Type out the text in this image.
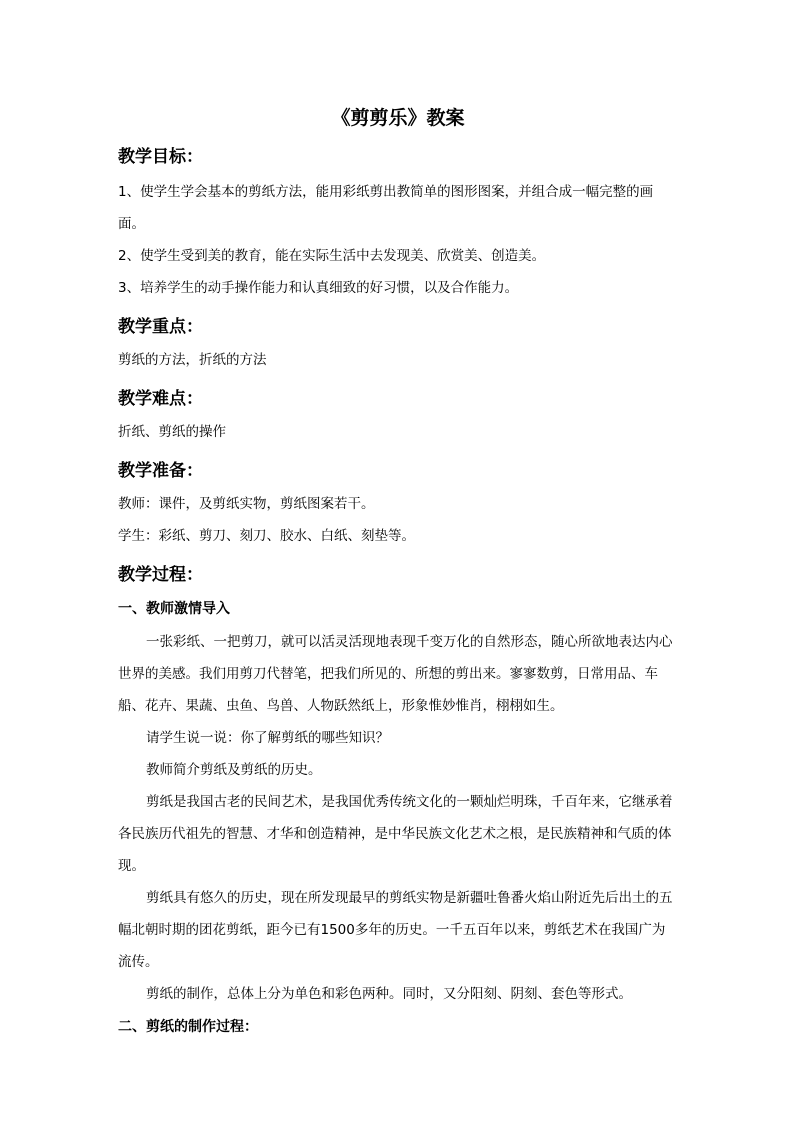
《剪剪乐》教案
教学目标：

1、使学生学会基本的剪纸方法，能用彩纸剪出教简单的图形图案，并组合成一幅完整的画面。

2、使学生受到美的教育，能在实际生活中去发现美、欣赏美、创造美。

3、培养学生的动手操作能力和认真细致的好习惯，以及合作能力。

教学重点：

剪纸的方法，折纸的方法

教学难点：

折纸、剪纸的操作

教学准备：

教师：课件，及剪纸实物，剪纸图案若干。

学生：彩纸、剪刀、刻刀、胶水、白纸、刻垫等。

教学过程：
一、教师激情导入

一张彩纸、一把剪刀，就可以活灵活现地表现千变万化的自然形态，随心所欲地表达内心世界的美感。我们用剪刀代替笔，把我们所见的、所想的剪出来。寥寥数剪，日常用品、车船、花卉、果蔬、虫鱼、鸟兽、人物跃然纸上，形象惟妙惟肖，栩栩如生。

请学生说一说：你了解剪纸的哪些知识？

教师简介剪纸及剪纸的历史。

剪纸是我国古老的民间艺术，是我国优秀传统文化的一颗灿烂明珠，千百年来，它继承着各民族历代祖先的智慧、才华和创造精神，是中华民族文化艺术之根，是民族精神和气质的体现。

剪纸具有悠久的历史，现在所发现最早的剪纸实物是新疆吐鲁番火焰山附近先后出土的五幅北朝时期的团花剪纸，距今已有1500多年的历史。一千五百年以来，剪纸艺术在我国广为流传。

剪纸的制作，总体上分为单色和彩色两种。同时，又分阳刻、阴刻、套色等形式。

二、剪纸的制作过程：
